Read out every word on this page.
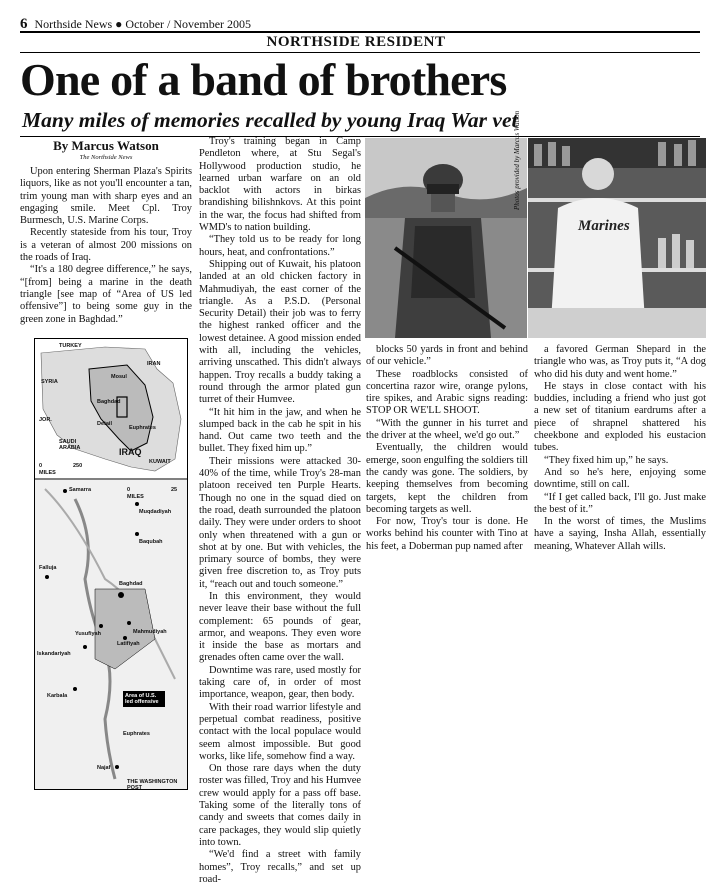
6 Northside News ● October / November 2005
NORTHSIDE RESIDENT
One of a band of brothers
Many miles of memories recalled by young Iraq War vet
By Marcus Watson
The Northside News

Upon entering Sherman Plaza's Spirits liquors, like as not you'll encounter a tan, trim young man with sharp eyes and an engaging smile. Meet Cpl. Troy Burmesch, U.S. Marine Corps.

Recently stateside from his tour, Troy is a veteran of almost 200 missions on the roads of Iraq.

“It's a 180 degree difference,” he says, “[from] being a marine in the death triangle [see map of “Area of US led offensive”] to being some guy in the green zone in Baghdad.”

TURKEY
SYRIA
IRAN
Mosul
Baghdad
Detail
JOR.
SAUDI ARABIA	IRAQ
Euphrates
KUWAIT
0	250
MILES
Samarra	0
MILES
25
Muqdadiyah
Baqubah
Falluja
Baghdad
Yusufiyah	Mahmudiyah
Latifiyah
Iskandariyah
Karbala	Area of U.S. led offensive
Euphrates
Najaf
THE WASHINGTON POST

Troy's training began in Camp Pendleton where, at Stu Segal's Hollywood production studio, he learned urban warfare on an old backlot with actors in birkas brandishing bilishnkovs. At this point in the war, the focus had shifted from WMD's to nation building.

“They told us to be ready for long hours, heat, and confrontations.”

Shipping out of Kuwait, his platoon landed at an old chicken factory in Mahmudiyah, the east corner of the triangle. As a P.S.D. (Personal Security Detail) their job was to ferry the highest ranked officer and the lowest detainee. A good mission ended with all, including the vehicles, arriving unscathed. This didn't always happen. Troy recalls a buddy taking a round through the armor plated gun turret of their Humvee.

“It hit him in the jaw, and when he slumped back in the cab he spit in his hand. Out came two teeth and the bullet. They fixed him up.”

Their missions were attacked 30-40% of the time, while Troy's 28-man platoon received ten Purple Hearts. Though no one in the squad died on the road, death surrounded the platoon daily. They were under orders to shoot only when threatened with a gun or shot at by one. But with vehicles, the primary source of bombs, they were given free discretion to, as Troy puts it, “reach out and touch someone.”

In this environment, they would never leave their base without the full complement: 65 pounds of gear, armor, and weapons. They even wore it inside the base as mortars and grenades often came over the wall.

Downtime was rare, used mostly for taking care of, in order of most importance, weapon, gear, then body.

With their road warrior lifestyle and perpetual combat readiness, positive contact with the local populace would seem almost impossible. But good works, like life, somehow find a way.

On those rare days when the duty roster was filled, Troy and his Humvee crew would apply for a pass off base. Taking some of the literally tons of candy and sweets that comes daily in care packages, they would slip quietly into town.

“We'd find a street with family homes”, Troy recalls,” and set up road-

Photos provided by Marcus Watson
Marines

blocks 50 yards in front and behind of our vehicle.”

These roadblocks consisted of concertina razor wire, orange pylons, tire spikes, and Arabic signs reading: STOP OR WE'LL SHOOT.

“With the gunner in his turret and the driver at the wheel, we'd go out.”

Eventually, the children would emerge, soon engulfing the soldiers till the candy was gone. The soldiers, by keeping themselves from becoming targets, kept the children from becoming targets as well.

For now, Troy's tour is done. He works behind his counter with Tino at his feet, a Doberman pup named after

a favored German Shepard in the triangle who was, as Troy puts it, “A dog who did his duty and went home.”

He stays in close contact with his buddies, including a friend who just got a new set of titanium eardrums after a piece of shrapnel shattered his cheekbone and exploded his eustacion tubes.

“They fixed him up,” he says.

And so he's here, enjoying some downtime, still on call.

“If I get called back, I'll go. Just make the best of it.”

In the worst of times, the Muslims have a saying, Insha Allah, essentially meaning, Whatever Allah wills.
